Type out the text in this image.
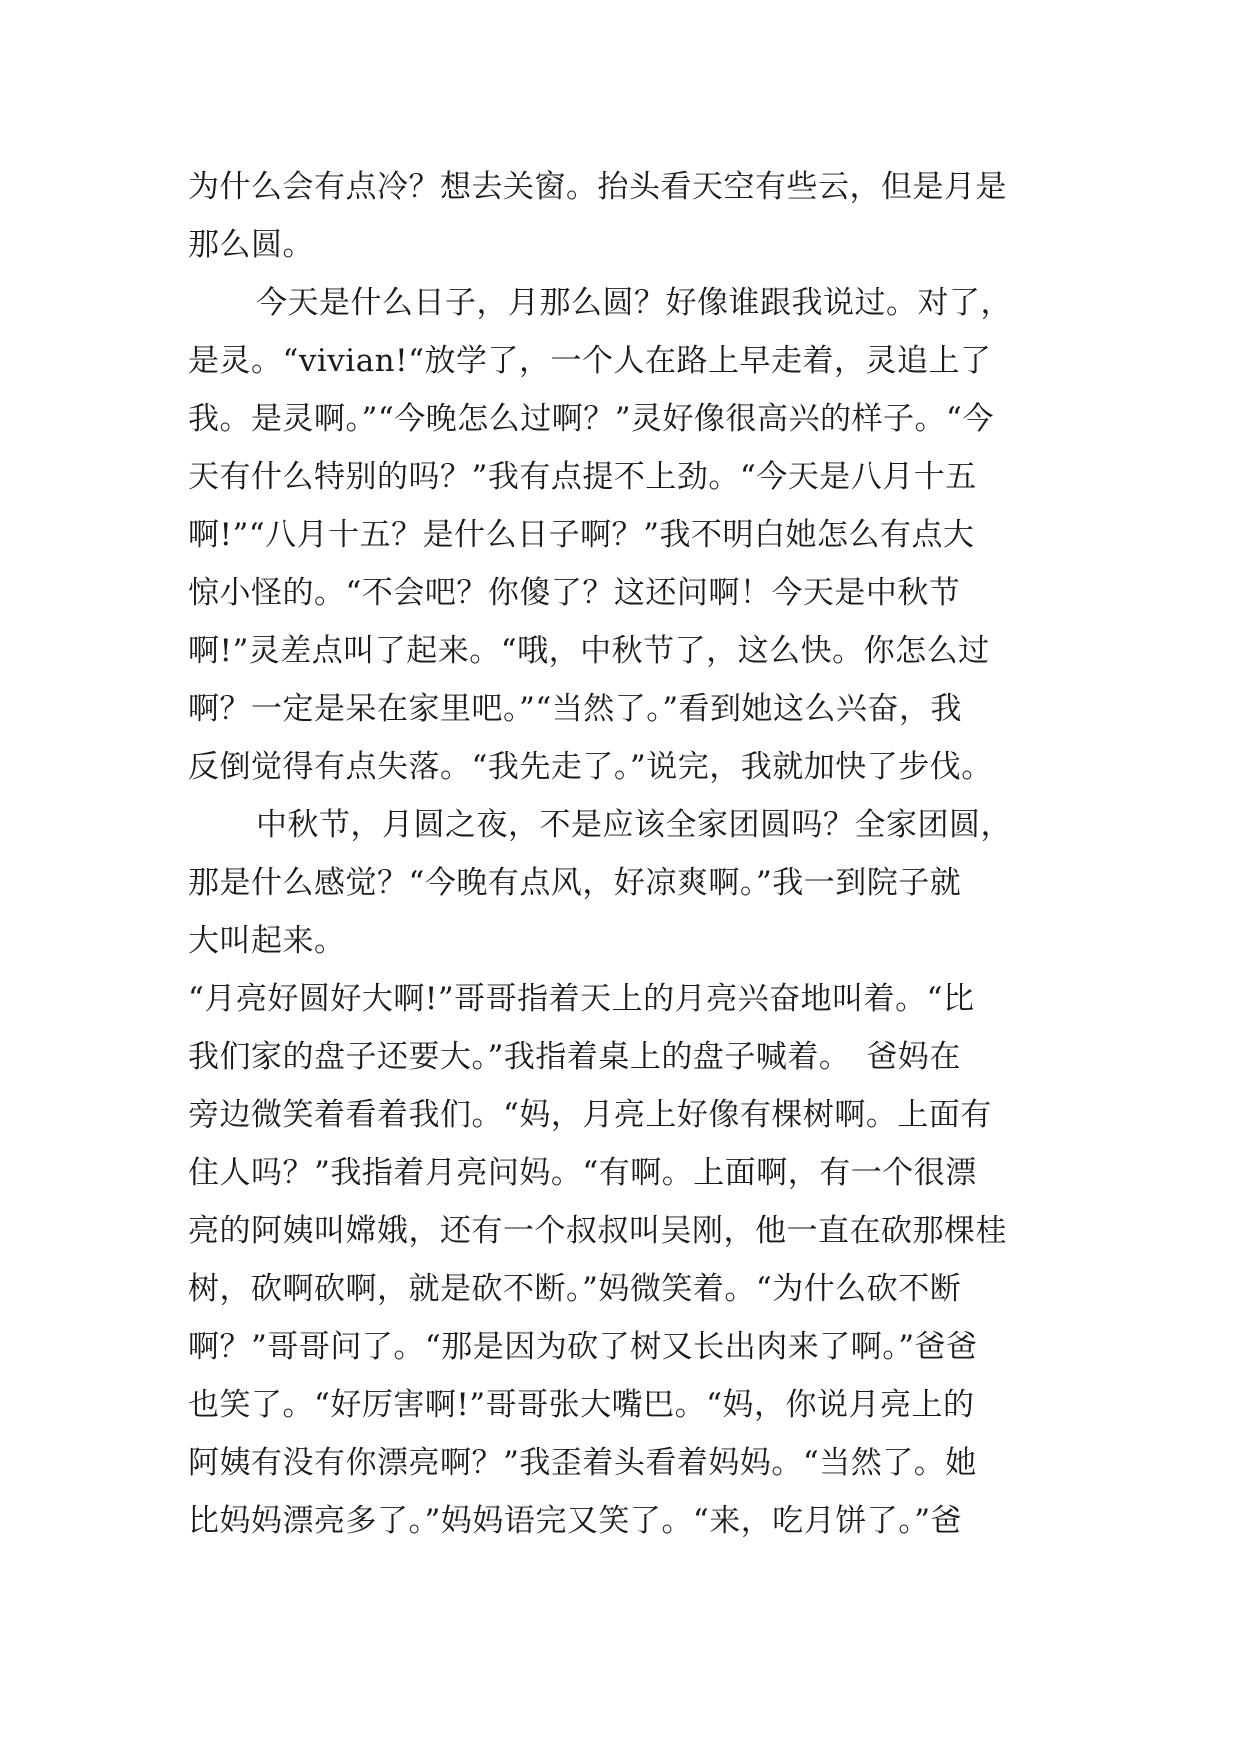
为什么会有点冷？想去关窗。抬头看天空有些云，但是月是
那么圆。
今天是什么日子，月那么圆？好像谁跟我说过。对了，
是灵。“vivian!“放学了，一个人在路上早走着，灵追上了
我。是灵啊。”“今晚怎么过啊？”灵好像很高兴的样子。“今
天有什么特别的吗？”我有点提不上劲。“今天是八月十五
啊!”“八月十五？是什么日子啊？”我不明白她怎么有点大
惊小怪的。“不会吧？你傻了？这还问啊！今天是中秋节
啊!”灵差点叫了起来。“哦，中秋节了，这么快。你怎么过
啊？一定是呆在家里吧。”“当然了。”看到她这么兴奋，我
反倒觉得有点失落。“我先走了。”说完，我就加快了步伐。
中秋节，月圆之夜，不是应该全家团圆吗？全家团圆，
那是什么感觉？“今晚有点风，好凉爽啊。”我一到院子就
大叫起来。
“月亮好圆好大啊!”哥哥指着天上的月亮兴奋地叫着。“比
我们家的盘子还要大。”我指着桌上的盘子喊着。　爸妈在
旁边微笑着看着我们。“妈，月亮上好像有棵树啊。上面有
住人吗？”我指着月亮问妈。“有啊。上面啊，有一个很漂
亮的阿姨叫嫦娥，还有一个叔叔叫吴刚，他一直在砍那棵桂
树，砍啊砍啊，就是砍不断。”妈微笑着。“为什么砍不断
啊？”哥哥问了。“那是因为砍了树又长出肉来了啊。”爸爸
也笑了。“好厉害啊!”哥哥张大嘴巴。“妈，你说月亮上的
阿姨有没有你漂亮啊？”我歪着头看着妈妈。“当然了。她
比妈妈漂亮多了。”妈妈语完又笑了。“来，吃月饼了。”爸
